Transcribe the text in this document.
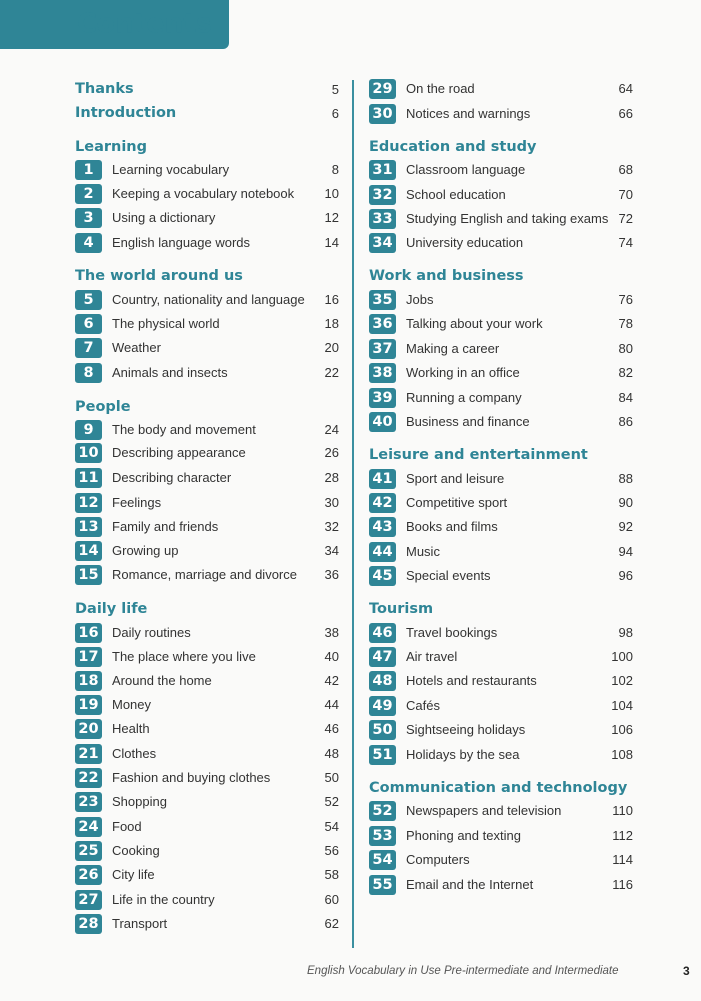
Contents
Thanks	5
Introduction	6
Learning
1	Learning vocabulary	8
2	Keeping a vocabulary notebook 10
3	Using a dictionary	12
4	English language words	14
The world around us
5	Country, nationality and language 16
6	The physical world	18
7	Weather	20
8	Animals and insects	22
People
9	The body and movement	24
10 Describing appearance	26
11 Describing character	28
12 Feelings	30
13 Family and friends	32
14 Growing up	34
15 Romance, marriage and divorce 36
Daily life
16 Daily routines	38
17 The place where you live	40
18 Around the home	42
19 Money	44
20 Health	46
21 Clothes	48
22 Fashion and buying clothes	50
23 Shopping	52
24 Food	54
25 Cooking	56
26 City life	58
27 Life in the country	60
28 Transport	62
29 On the road	64
30 Notices and warnings	66
Education and study
31 Classroom language	68
32 School education	70
33 Studying English and taking exams 72
34 University education	74
Work and business
35 Jobs	76
36 Talking about your work	78
37 Making a career	80
38 Working in an office	82
39 Running a company	84
40 Business and finance	86
Leisure and entertainment
41 Sport and leisure	88
42 Competitive sport	90
43 Books and films	92
44 Music	94
45 Special events	96
Tourism
46 Travel bookings	98
47 Air travel	100
48 Hotels and restaurants	102
49 Cafés	104
50 Sightseeing holidays	106
51 Holidays by the sea	108
Communication and technology
52 Newspapers and television	110
53 Phoning and texting	112
54 Computers	114
55 Email and the Internet	116
English Vocabulary in Use Pre-intermediate and Intermediate	3
